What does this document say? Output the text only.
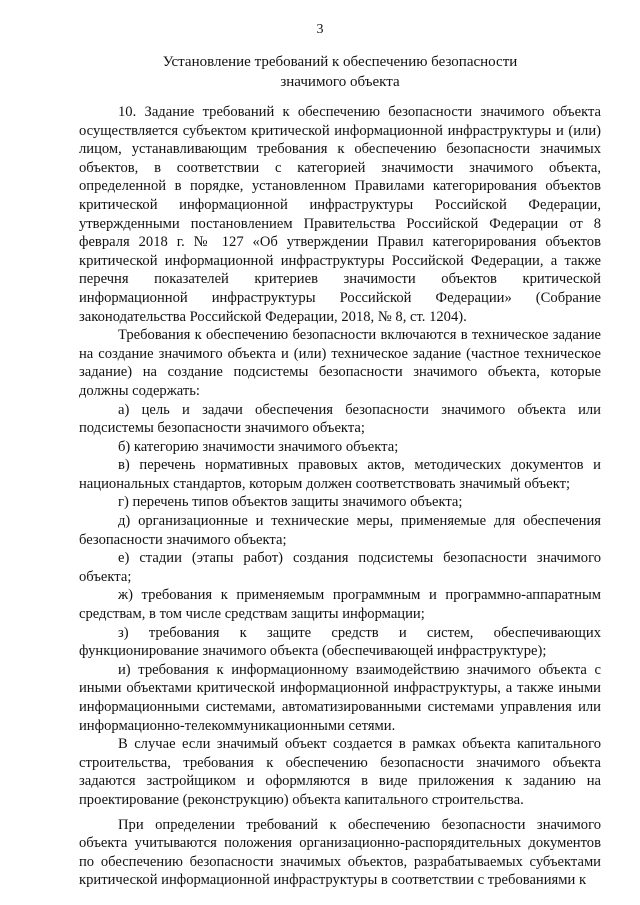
3
Установление требований к обеспечению безопасности
значимого объекта

10. Задание требований к обеспечению безопасности значимого объекта осуществляется субъектом критической информационной инфраструктуры и (или) лицом, устанавливающим требования к обеспечению безопасности значимых объектов, в соответствии с категорией значимости значимого объекта, определенной в порядке, установленном Правилами категорирования объектов критической информационной инфраструктуры Российской Федерации, утвержденными постановлением Правительства Российской Федерации от 8 февраля 2018 г. № 127 «Об утверждении Правил категорирования объектов критической информационной инфраструктуры Российской Федерации, а также перечня показателей критериев значимости объектов критической информационной инфраструктуры Российской Федерации» (Собрание законодательства Российской Федерации, 2018, № 8, ст. 1204).

Требования к обеспечению безопасности включаются в техническое задание на создание значимого объекта и (или) техническое задание (частное техническое задание) на создание подсистемы безопасности значимого объекта, которые должны содержать:

а) цель и задачи обеспечения безопасности значимого объекта или подсистемы безопасности значимого объекта;

б) категорию значимости значимого объекта;

в) перечень нормативных правовых актов, методических документов и национальных стандартов, которым должен соответствовать значимый объект;

г) перечень типов объектов защиты значимого объекта;

д) организационные и технические меры, применяемые для обеспечения безопасности значимого объекта;

е) стадии (этапы работ) создания подсистемы безопасности значимого объекта;

ж) требования к применяемым программным и программно-аппаратным средствам, в том числе средствам защиты информации;

з) требования к защите средств и систем, обеспечивающих функционирование значимого объекта (обеспечивающей инфраструктуре);

и) требования к информационному взаимодействию значимого объекта с иными объектами критической информационной инфраструктуры, а также иными информационными системами, автоматизированными системами управления или информационно-телекоммуникационными сетями.

В случае если значимый объект создается в рамках объекта капитального строительства, требования к обеспечению безопасности значимого объекта задаются застройщиком и оформляются в виде приложения к заданию на проектирование (реконструкцию) объекта капитального строительства.

При определении требований к обеспечению безопасности значимого объекта учитываются положения организационно-распорядительных документов по обеспечению безопасности значимых объектов, разрабатываемых субъектами критической информационной инфраструктуры в соответствии с требованиями к
